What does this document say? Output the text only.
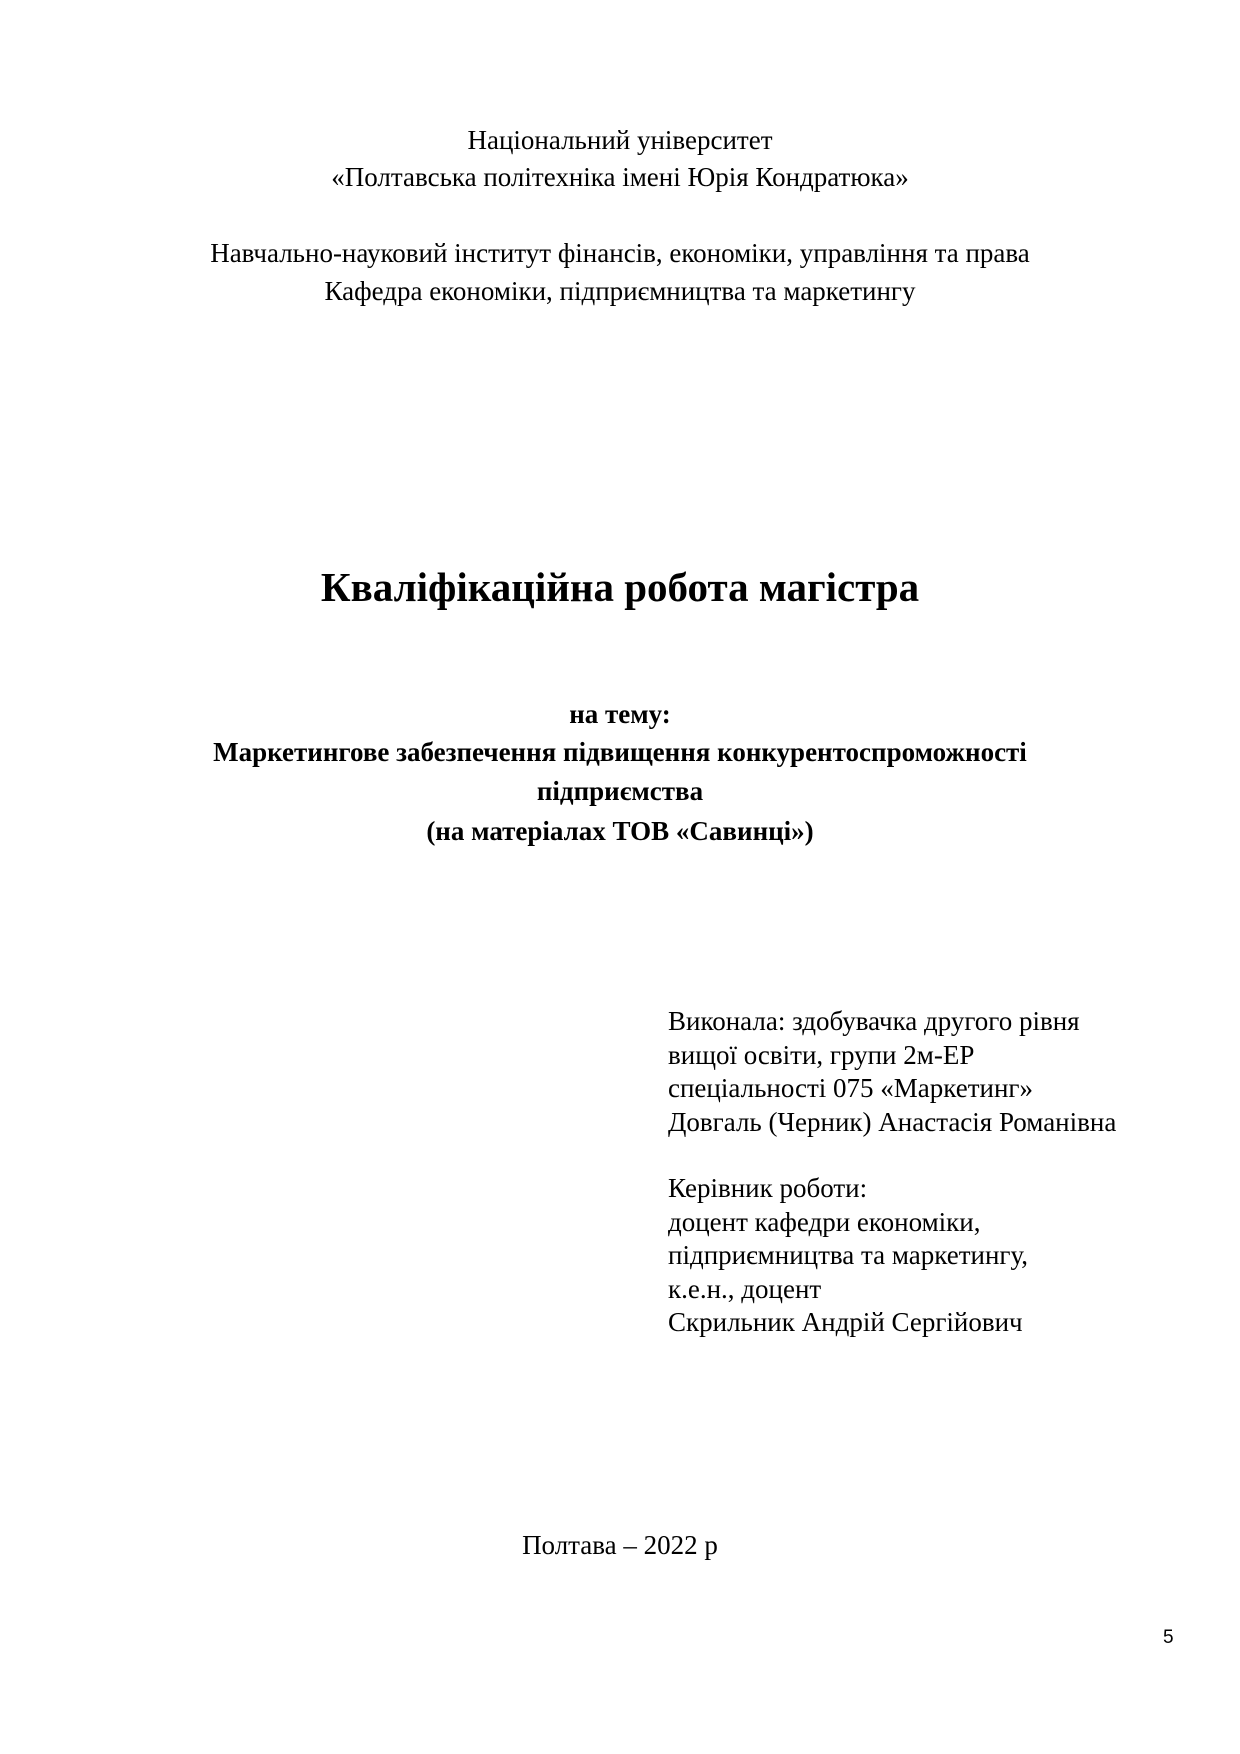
Національний університет
«Полтавська політехніка імені Юрія Кондратюка»
Навчально-науковий інститут фінансів, економіки, управління та права
Кафедра економіки, підприємництва та маркетингу
Кваліфікаційна робота магістра
на тему:
Маркетингове забезпечення підвищення конкурентоспроможності
підприємства
(на матеріалах ТОВ «Савинці»)
Виконала: здобувачка другого рівня
вищої освіти, групи 2м-ЕР
спеціальності 075 «Маркетинг»
Довгаль (Черник) Анастасія Романівна
Керівник роботи:
доцент кафедри економіки,
підприємництва та маркетингу,
к.е.н., доцент
Скрильник Андрій Сергійович
Полтава – 2022 р
5
